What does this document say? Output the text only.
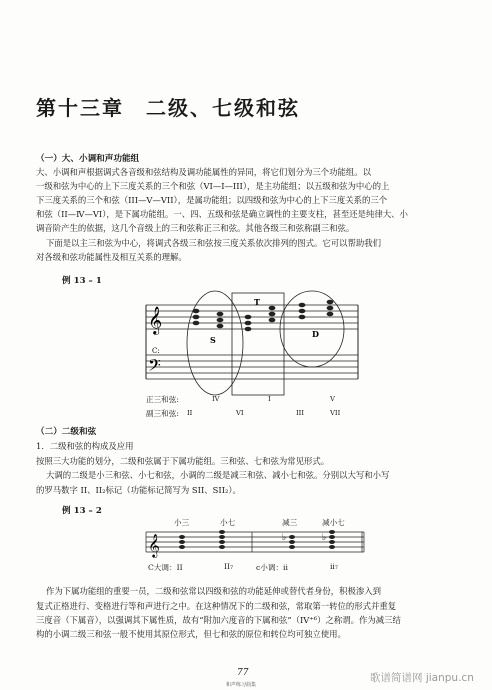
第十三章　二级、七级和弦
（一）大、小调和声功能组
大、小调和声根据调式各音级和弦结构及调功能属性的异同，将它们划分为三个功能组。以
一级和弦为中心的上下三度关系的三个和弦（VI—Ⅰ—III），是主功能组；以五级和弦为中心的上
下三度关系的三个和弦（III—Ⅴ—VII），是属功能组；以四级和弦为中心的上下三度关系的三个
和弦（II—Ⅳ—VI），是下属功能组。一、四、五级和弦是确立调性的主要支柱，甚至还是纯律大、小
调音阶产生的依据，这几个音级上的三和弦称正三和弦。其他各级三和弦称副三和弦。
下面是以主三和弦为中心，将调式各级三和弦按三度关系依次排列的图式。它可以帮助我们
对各级和弦功能属性及相互关系的理解。
例 13 – 1
𝄞
𝄢
S
T
D
C:
正三和弦:	IV	I	V
副三和弦: II	VI	III	VII
（二）二级和弦
1．二级和弦的构成及应用
按照三大功能的划分，二级和弦属于下属功能组。三和弦、七和弦为常见形式。
大调的二级是小三和弦、小七和弦，小调的二级是减三和弦、减小七和弦。分别以大写和小写
的罗马数字 II、II₂标记（功能标记简写为 SII、SII₂）。
例 13 – 2
小三	小七	减三	减小七
𝄞	♭	♭
C大调：II	II₇	c小调：ii	ii₇
作为下属功能组的重要一员，二级和弦常以四级和弦的功能延伸或替代者身份，积极渗入到
复式正格进行、变格进行等和声进行之中。在这种情况下的二级和弦，常取第一转位的形式并重复
三度音（下属音），以强调其下属性质，故有“附加六度音的下属和弦”（IV⁺⁶）之称谓。作为减三结
构的小调二级三和弦一般不使用其原位形式，但七和弦的原位和转位均可独立使用。
77
和声练习曲集
歌谱简谱网 jianpu.cn
